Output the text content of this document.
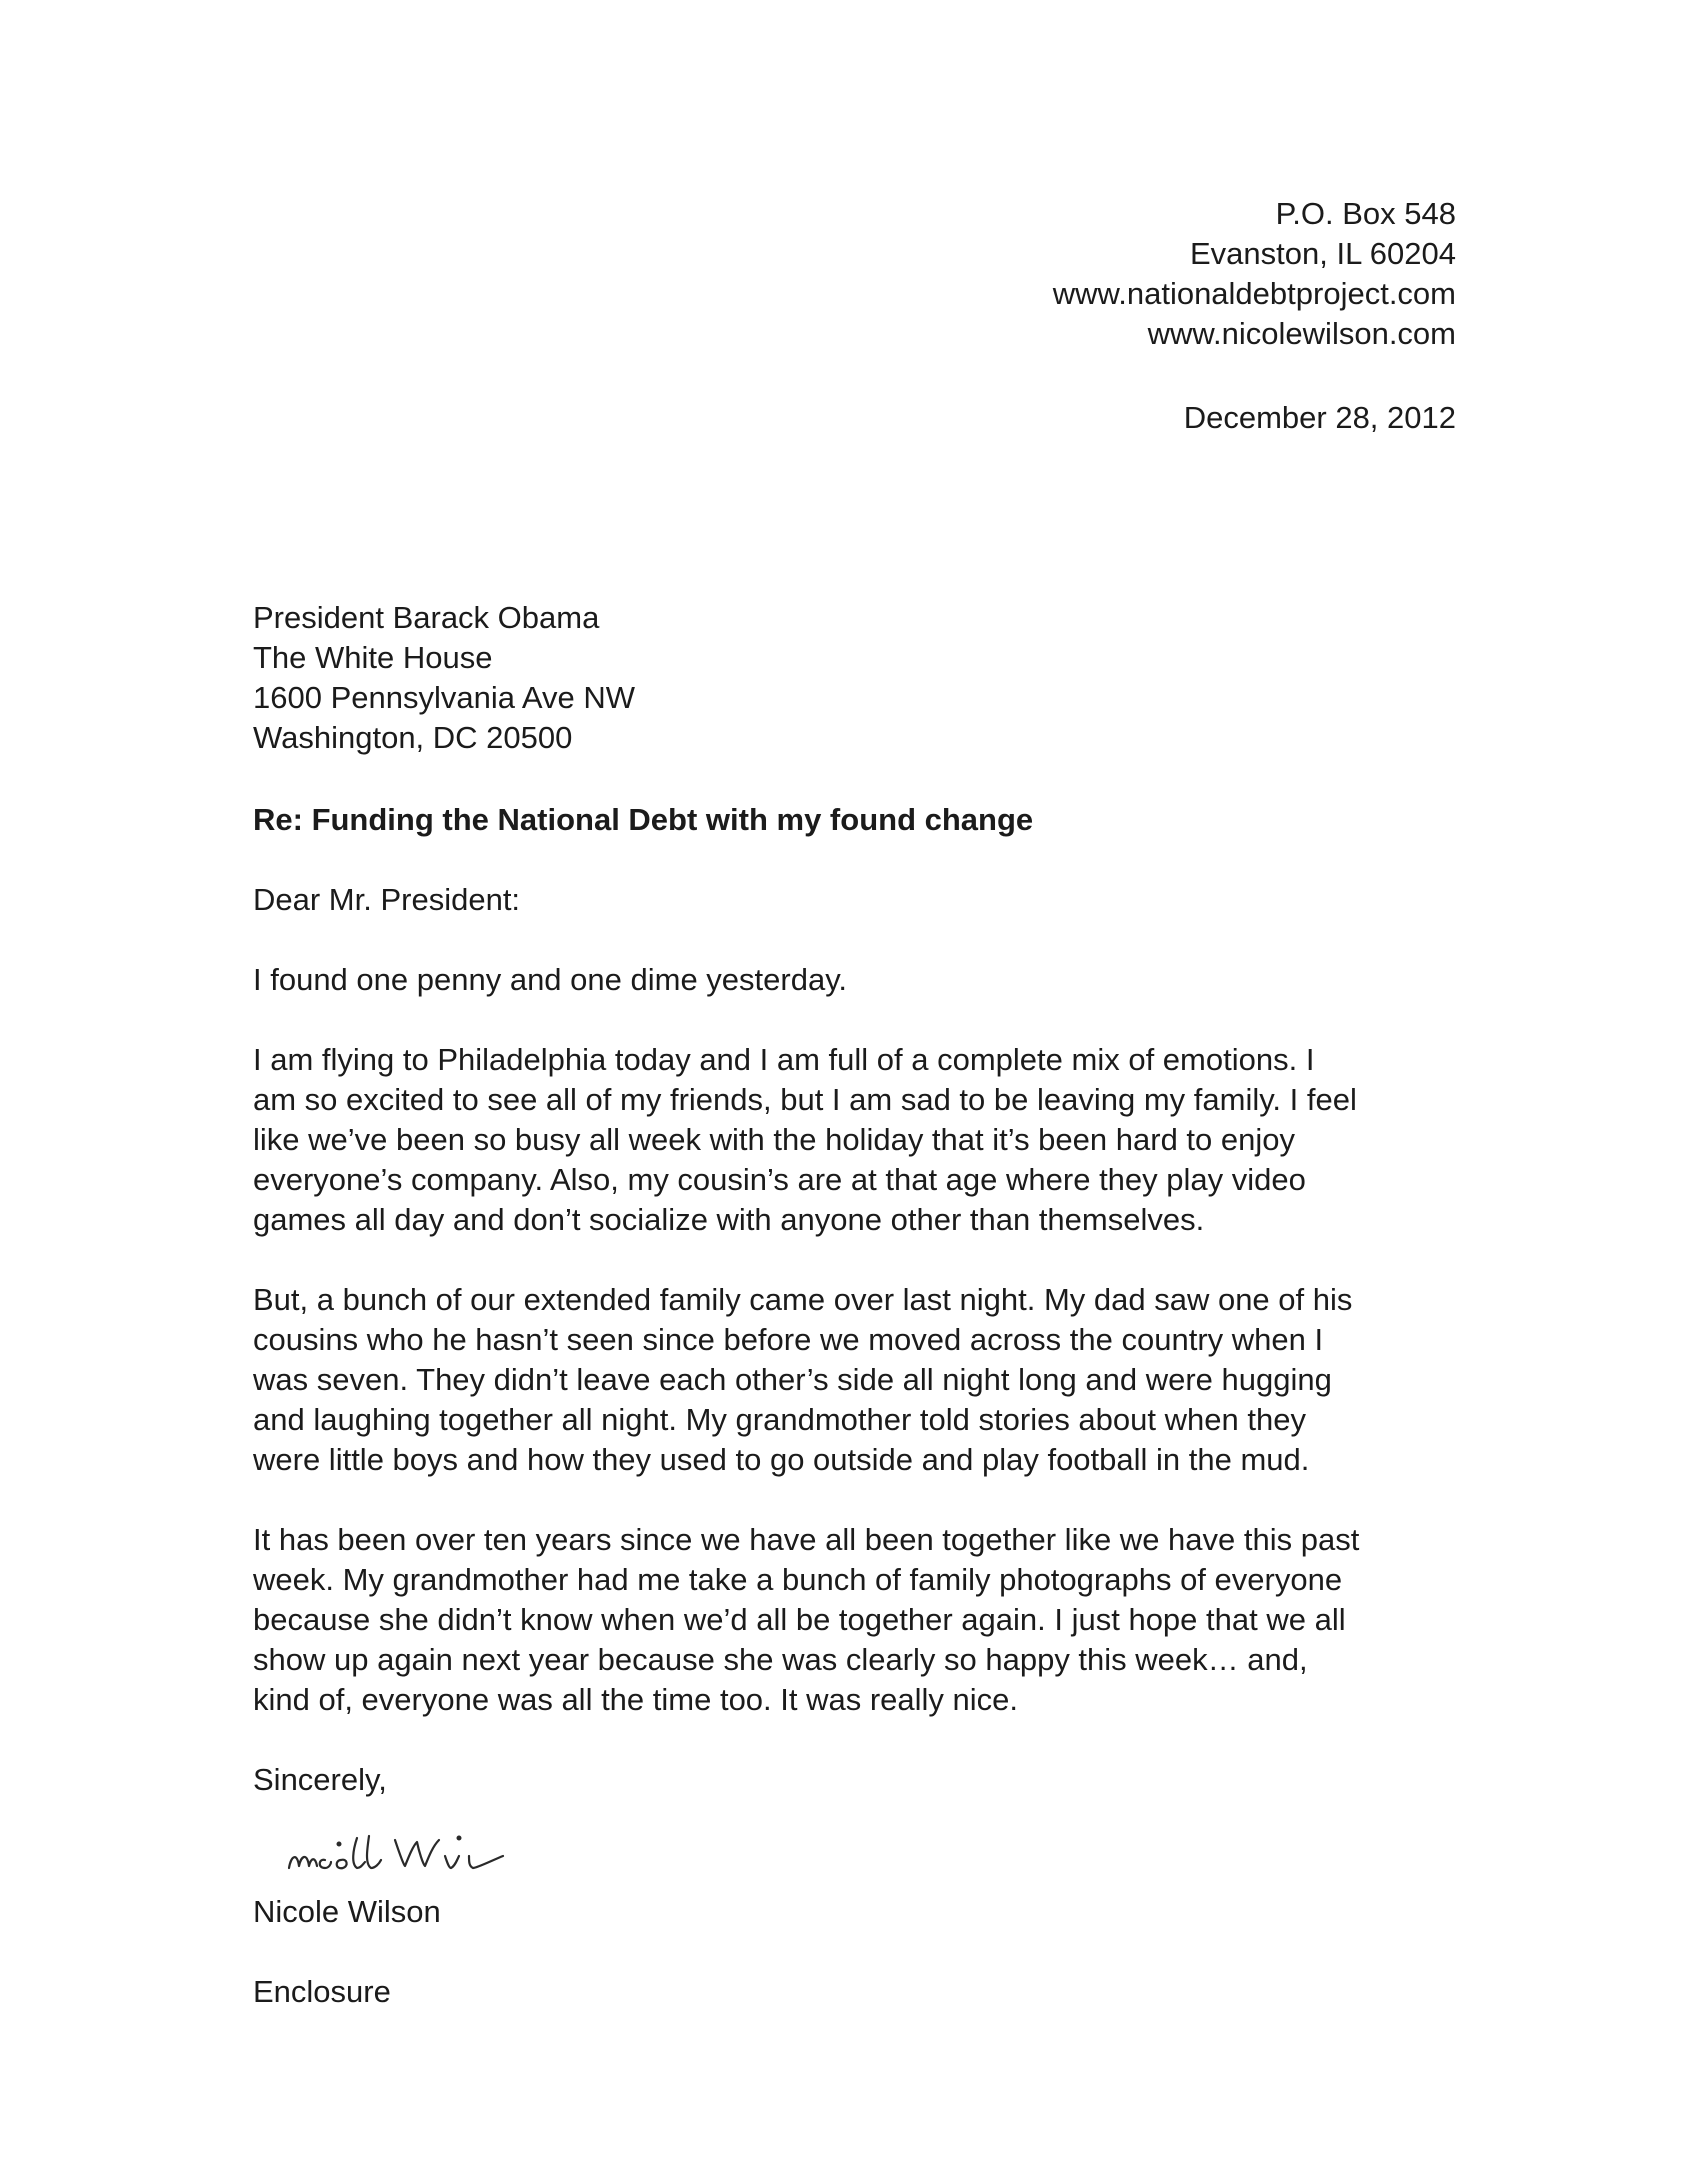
P.O. Box 548
Evanston, IL 60204
www.nationaldebtproject.com
www.nicolewilson.com
December 28, 2012
President Barack Obama
The White House
1600 Pennsylvania Ave NW
Washington, DC 20500
Re: Funding the National Debt with my found change
Dear Mr. President:
I found one penny and one dime yesterday.
I am flying to Philadelphia today and I am full of a complete mix of emotions. I
am so excited to see all of my friends, but I am sad to be leaving my family. I feel
like we’ve been so busy all week with the holiday that it’s been hard to enjoy
everyone’s company. Also, my cousin’s are at that age where they play video
games all day and don’t socialize with anyone other than themselves.
But, a bunch of our extended family came over last night. My dad saw one of his
cousins who he hasn’t seen since before we moved across the country when I
was seven. They didn’t leave each other’s side all night long and were hugging
and laughing together all night. My grandmother told stories about when they
were little boys and how they used to go outside and play football in the mud.
It has been over ten years since we have all been together like we have this past
week. My grandmother had me take a bunch of family photographs of everyone
because she didn’t know when we’d all be together again. I just hope that we all
show up again next year because she was clearly so happy this week… and,
kind of, everyone was all the time too. It was really nice.
Sincerely,
Nicole Wilson
Enclosure
